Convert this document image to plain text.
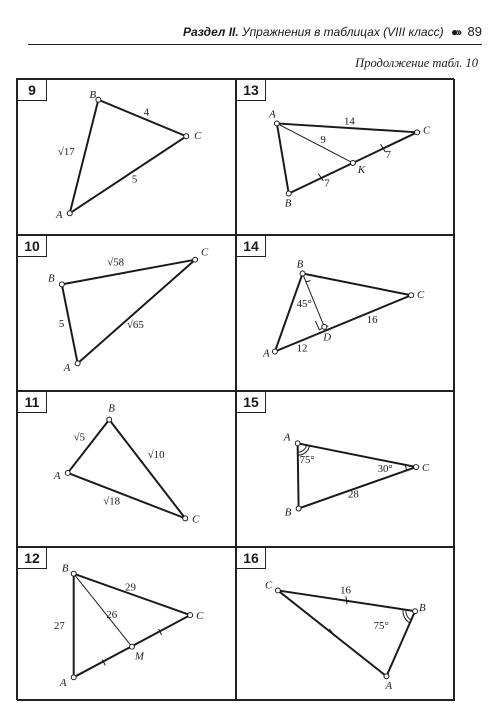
Раздел II. Упражнения в таблицах (VIII класс) ●›› 89
Продолжение табл. 10
9	B
C
A
4
√17
5
13
A
C
B
K
14
9
7
7
10
B
C
A
√58
5	√65
14
B
C
A
D
45°
16
12
11	B
C
A
√5
√10
√18
15
A
C
B
75°
30°
28
12
B
C
A
M
29
26
27
16
C
B
A
16
75°
